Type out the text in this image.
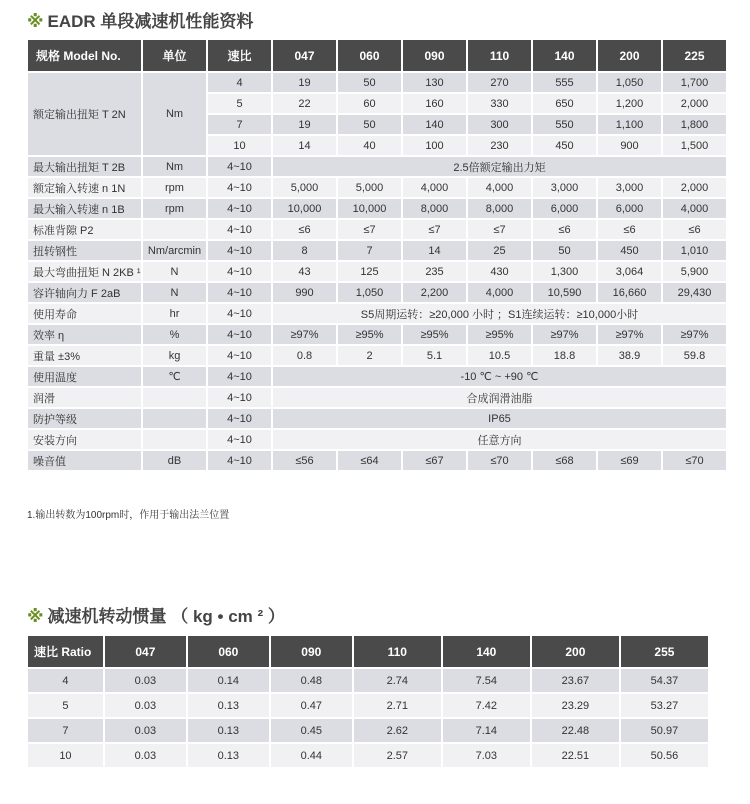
※ EADR 单段减速机性能资料
规格 Model No.	单位	速比	047	060	090	110	140	200	225
额定输出扭矩 T 2N	Nm	4	19	50	130	270	555	1,050	1,700
		5	22	60	160	330	650	1,200	2,000
		7	19	50	140	300	550	1,100	1,800
		10	14	40	100	230	450	900	1,500
最大输出扭矩 T 2B	Nm	4~10	2.5倍额定输出力矩						
额定输入转速 n 1N	rpm	4~10	5,000	5,000	4,000	4,000	3,000	3,000	2,000
最大输入转速 n 1B	rpm	4~10	10,000	10,000	8,000	8,000	6,000	6,000	4,000
标准背隙 P2		4~10	≤6	≤7	≤7	≤7	≤6	≤6	≤6
扭转钢性	Nm/arcmin	4~10	8	7	14	25	50	450	1,010
最大弯曲扭矩 N 2KB ¹	N	4~10	43	125	235	430	1,300	3,064	5,900
容许轴向力 F 2aB	N	4~10	990	1,050	2,200	4,000	10,590	16,660	29,430
使用寿命	hr	4~10	S5周期运转：≥20,000 小时 ；S1连续运转：≥10,000小时						
效率 η	%	4~10	≥97%	≥95%	≥95%	≥95%	≥97%	≥97%	≥97%
重量 ±3%	kg	4~10	0.8	2	5.1	10.5	18.8	38.9	59.8
使用温度	℃	4~10	-10 ℃ ~ +90 ℃						
润滑		4~10	合成润滑油脂						
防护等级		4~10	IP65						
安装方向		4~10	任意方向						
噪音值	dB	4~10	≤56	≤64	≤67	≤70	≤68	≤69	≤70
1.输出转数为100rpm时，作用于输出法兰位置
※ 减速机转动惯量 （ kg • cm ² ）
速比 Ratio	047	060	090	110	140	200	255
4	0.03	0.14	0.48	2.74	7.54	23.67	54.37
5	0.03	0.13	0.47	2.71	7.42	23.29	53.27
7	0.03	0.13	0.45	2.62	7.14	22.48	50.97
10	0.03	0.13	0.44	2.57	7.03	22.51	50.56
